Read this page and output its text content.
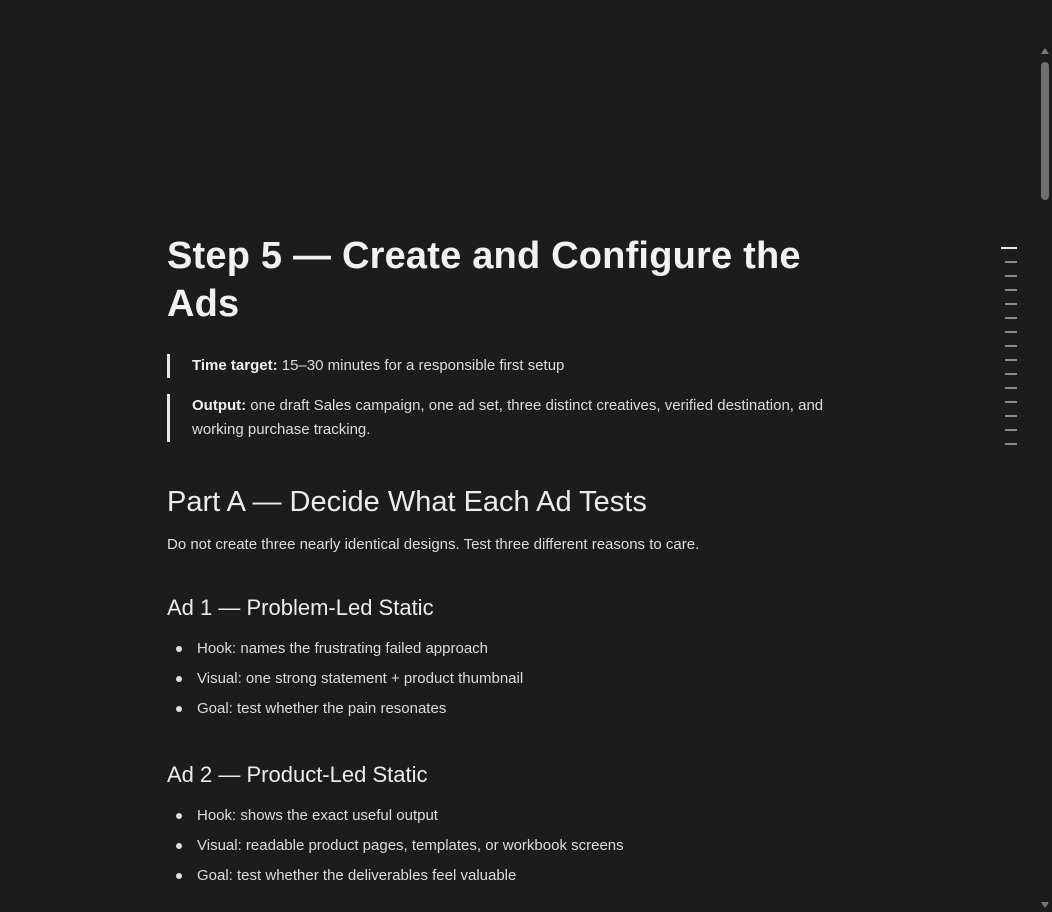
Step 5 — Create and Configure the Ads
Time target: 15–30 minutes for a responsible first setup
Output: one draft Sales campaign, one ad set, three distinct creatives, verified destination, and working purchase tracking.
Part A — Decide What Each Ad Tests

Do not create three nearly identical designs. Test three different reasons to care.

Ad 1 — Problem-Led Static
Hook: names the frustrating failed approach
Visual: one strong statement + product thumbnail
Goal: test whether the pain resonates
Ad 2 — Product-Led Static
Hook: shows the exact useful output
Visual: readable product pages, templates, or workbook screens
Goal: test whether the deliverables feel valuable
